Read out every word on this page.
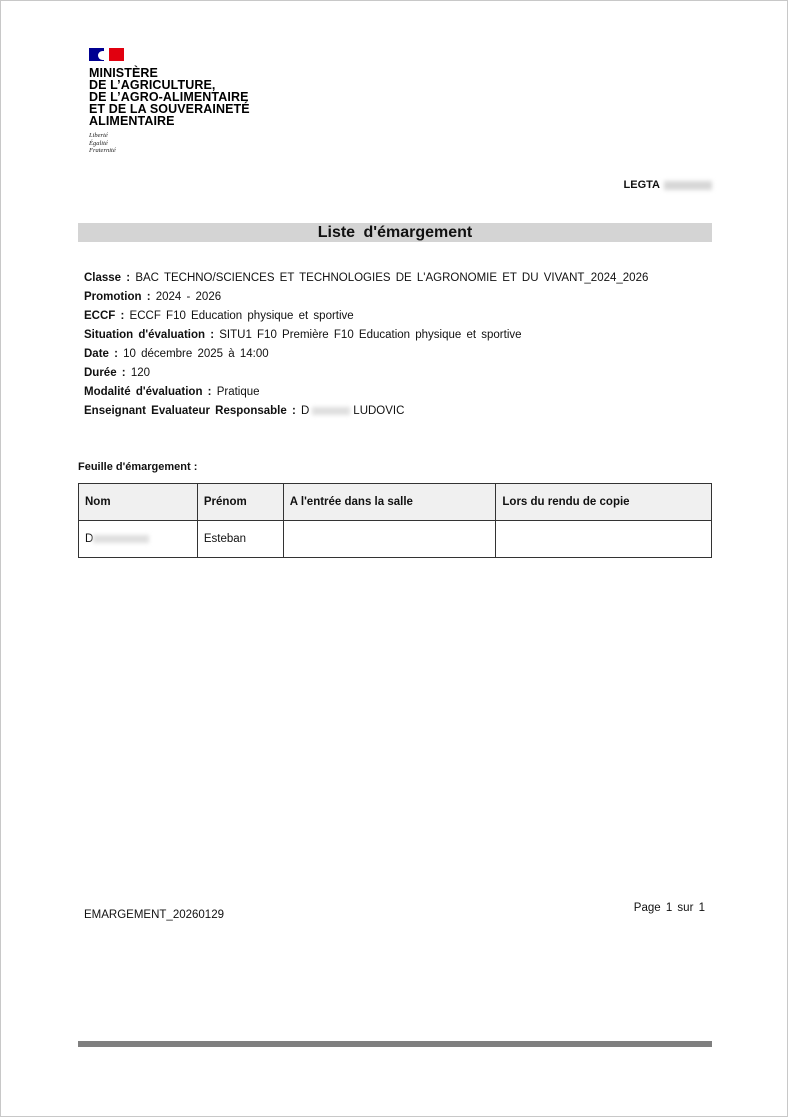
MINISTÈRE
DE L’AGRICULTURE,
DE L’AGRO-ALIMENTAIRE
ET DE LA SOUVERAINETÉ
ALIMENTAIRE
Liberté
Égalité
Fraternité
LEGTA
Liste d'émargement
Classe : BAC TECHNO/SCIENCES ET TECHNOLOGIES DE L'AGRONOMIE ET DU VIVANT_2024_2026
Promotion : 2024 - 2026
ECCF : ECCF F10 Education physique et sportive
Situation d'évaluation : SITU1 F10 Première F10 Education physique et sportive
Date : 10 décembre 2025 à 14:00
Durée : 120
Modalité d'évaluation : Pratique
Enseignant Evaluateur Responsable : D	LUDOVIC
Feuille d'émargement :
Nom	Prénom	A l'entrée dans la salle	Lors du rendu de copie
D	Esteban		
EMARGEMENT_20260129
Page 1 sur 1
